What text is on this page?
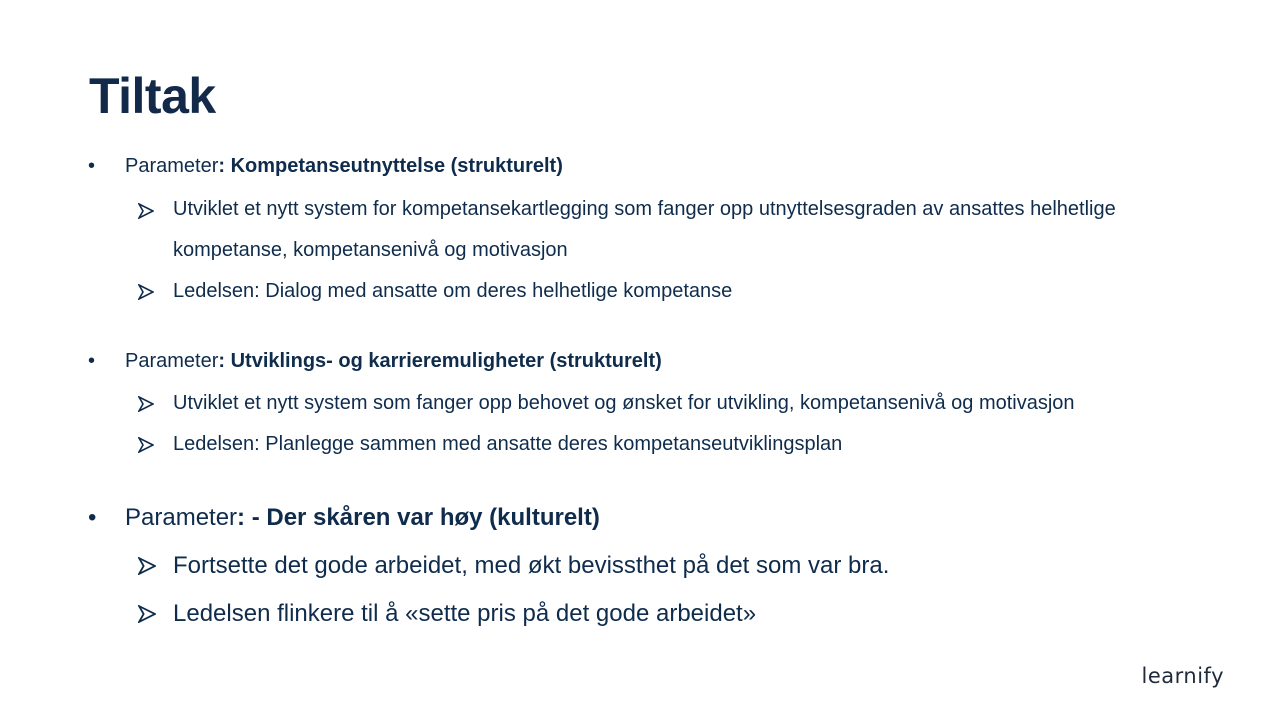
Tiltak
• Parameter: Kompetanseutnyttelse (strukturelt)
Utviklet et nytt system for kompetansekartlegging som fanger opp utnyttelsesgraden av ansattes helhetlige kompetanse, kompetansenivå og motivasjon
Ledelsen: Dialog med ansatte om deres helhetlige kompetanse
• Parameter: Utviklings- og karrieremuligheter (strukturelt)
Utviklet et nytt system som fanger opp behovet og ønsket for utvikling, kompetansenivå og motivasjon
Ledelsen: Planlegge sammen med ansatte deres kompetanseutviklingsplan
• Parameter: - Der skåren var høy (kulturelt)
Fortsette det gode arbeidet, med økt bevissthet på det som var bra.
Ledelsen flinkere til å «sette pris på det gode arbeidet»
learnify
